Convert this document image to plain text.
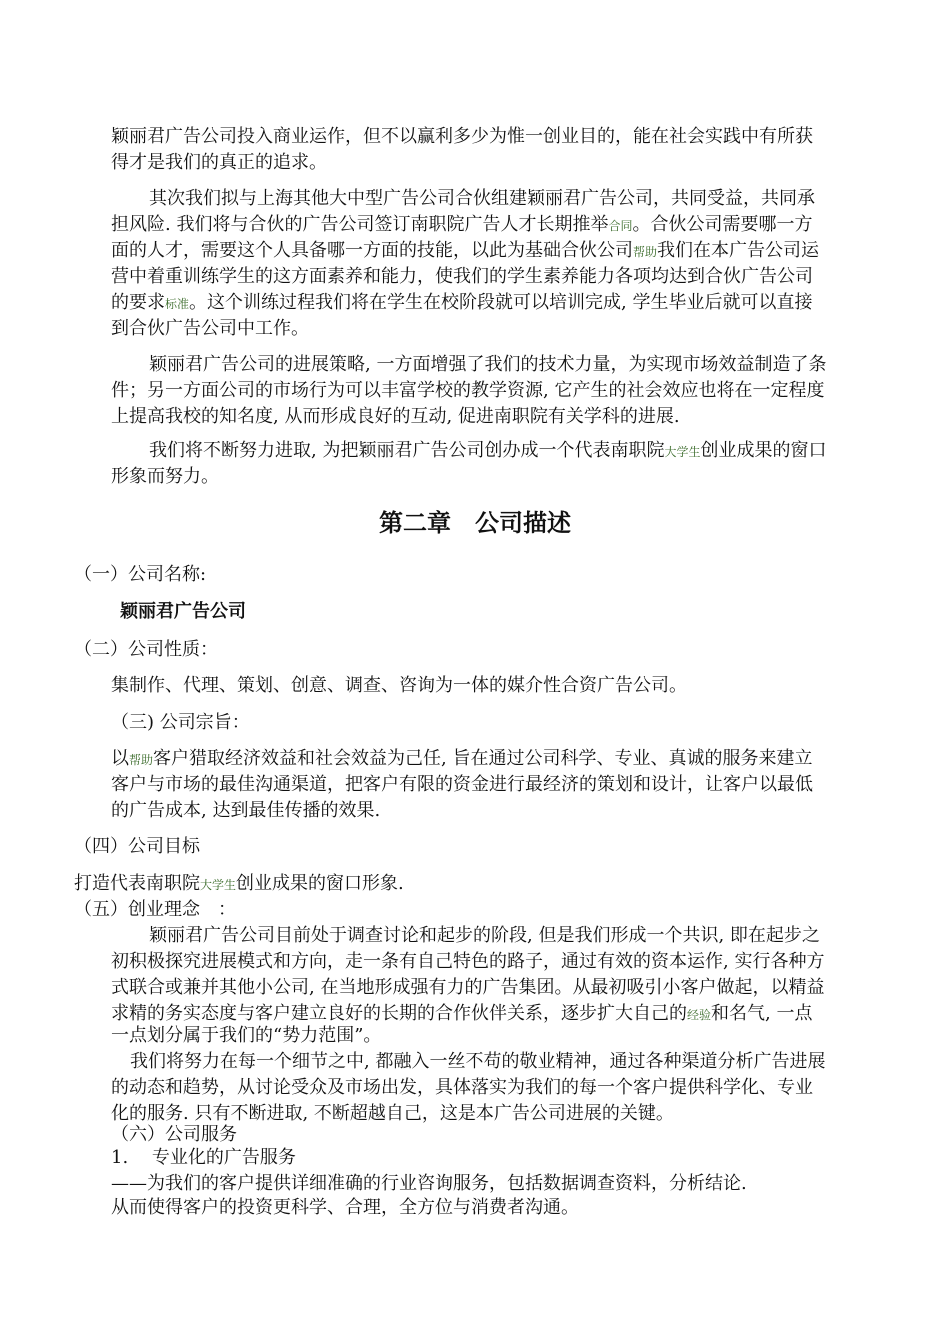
颖丽君广告公司投入商业运作，但不以赢利多少为惟一创业目的，能在社会实践中有所获

得才是我们的真正的追求。

其次我们拟与上海其他大中型广告公司合伙组建颖丽君广告公司，共同受益，共同承

担风险. 我们将与合伙的广告公司签订南职院广告人才长期推举合同。合伙公司需要哪一方

面的人才，需要这个人具备哪一方面的技能，以此为基础合伙公司帮助我们在本广告公司运

营中着重训练学生的这方面素养和能力，使我们的学生素养能力各项均达到合伙广告公司

的要求标准。这个训练过程我们将在学生在校阶段就可以培训完成, 学生毕业后就可以直接

到合伙广告公司中工作。

颖丽君广告公司的进展策略, 一方面增强了我们的技术力量，为实现市场效益制造了条

件；另一方面公司的市场行为可以丰富学校的教学资源, 它产生的社会效应也将在一定程度

上提高我校的知名度, 从而形成良好的互动, 促进南职院有关学科的进展.

我们将不断努力进取, 为把颖丽君广告公司创办成一个代表南职院大学生创业成果的窗口

形象而努力。

第二章　公司描述

（一）公司名称:

颖丽君广告公司

（二）公司性质：

集制作、代理、策划、创意、调查、咨询为一体的媒介性合资广告公司。

（三) 公司宗旨：

以帮助客户猎取经济效益和社会效益为己任, 旨在通过公司科学、专业、真诚的服务来建立

客户与市场的最佳沟通渠道，把客户有限的资金进行最经济的策划和设计，让客户以最低

的广告成本, 达到最佳传播的效果.

（四）公司目标

打造代表南职院大学生创业成果的窗口形象.

（五）创业理念　：

颖丽君广告公司目前处于调查讨论和起步的阶段, 但是我们形成一个共识, 即在起步之

初积极探究进展模式和方向，走一条有自己特色的路子，通过有效的资本运作, 实行各种方

式联合或兼并其他小公司, 在当地形成强有力的广告集团。从最初吸引小客户做起，以精益

求精的务实态度与客户建立良好的长期的合作伙伴关系，逐步扩大自己的经验和名气, 一点

一点划分属于我们的“势力范围”。

我们将努力在每一个细节之中, 都融入一丝不苟的敬业精神，通过各种渠道分析广告进展

的动态和趋势，从讨论受众及市场出发，具体落实为我们的每一个客户提供科学化、专业

化的服务. 只有不断进取, 不断超越自己，这是本广告公司进展的关键。

（六）公司服务

1.　 专业化的广告服务

——为我们的客户提供详细准确的行业咨询服务，包括数据调查资料，分析结论.

从而使得客户的投资更科学、合理，全方位与消费者沟通。
